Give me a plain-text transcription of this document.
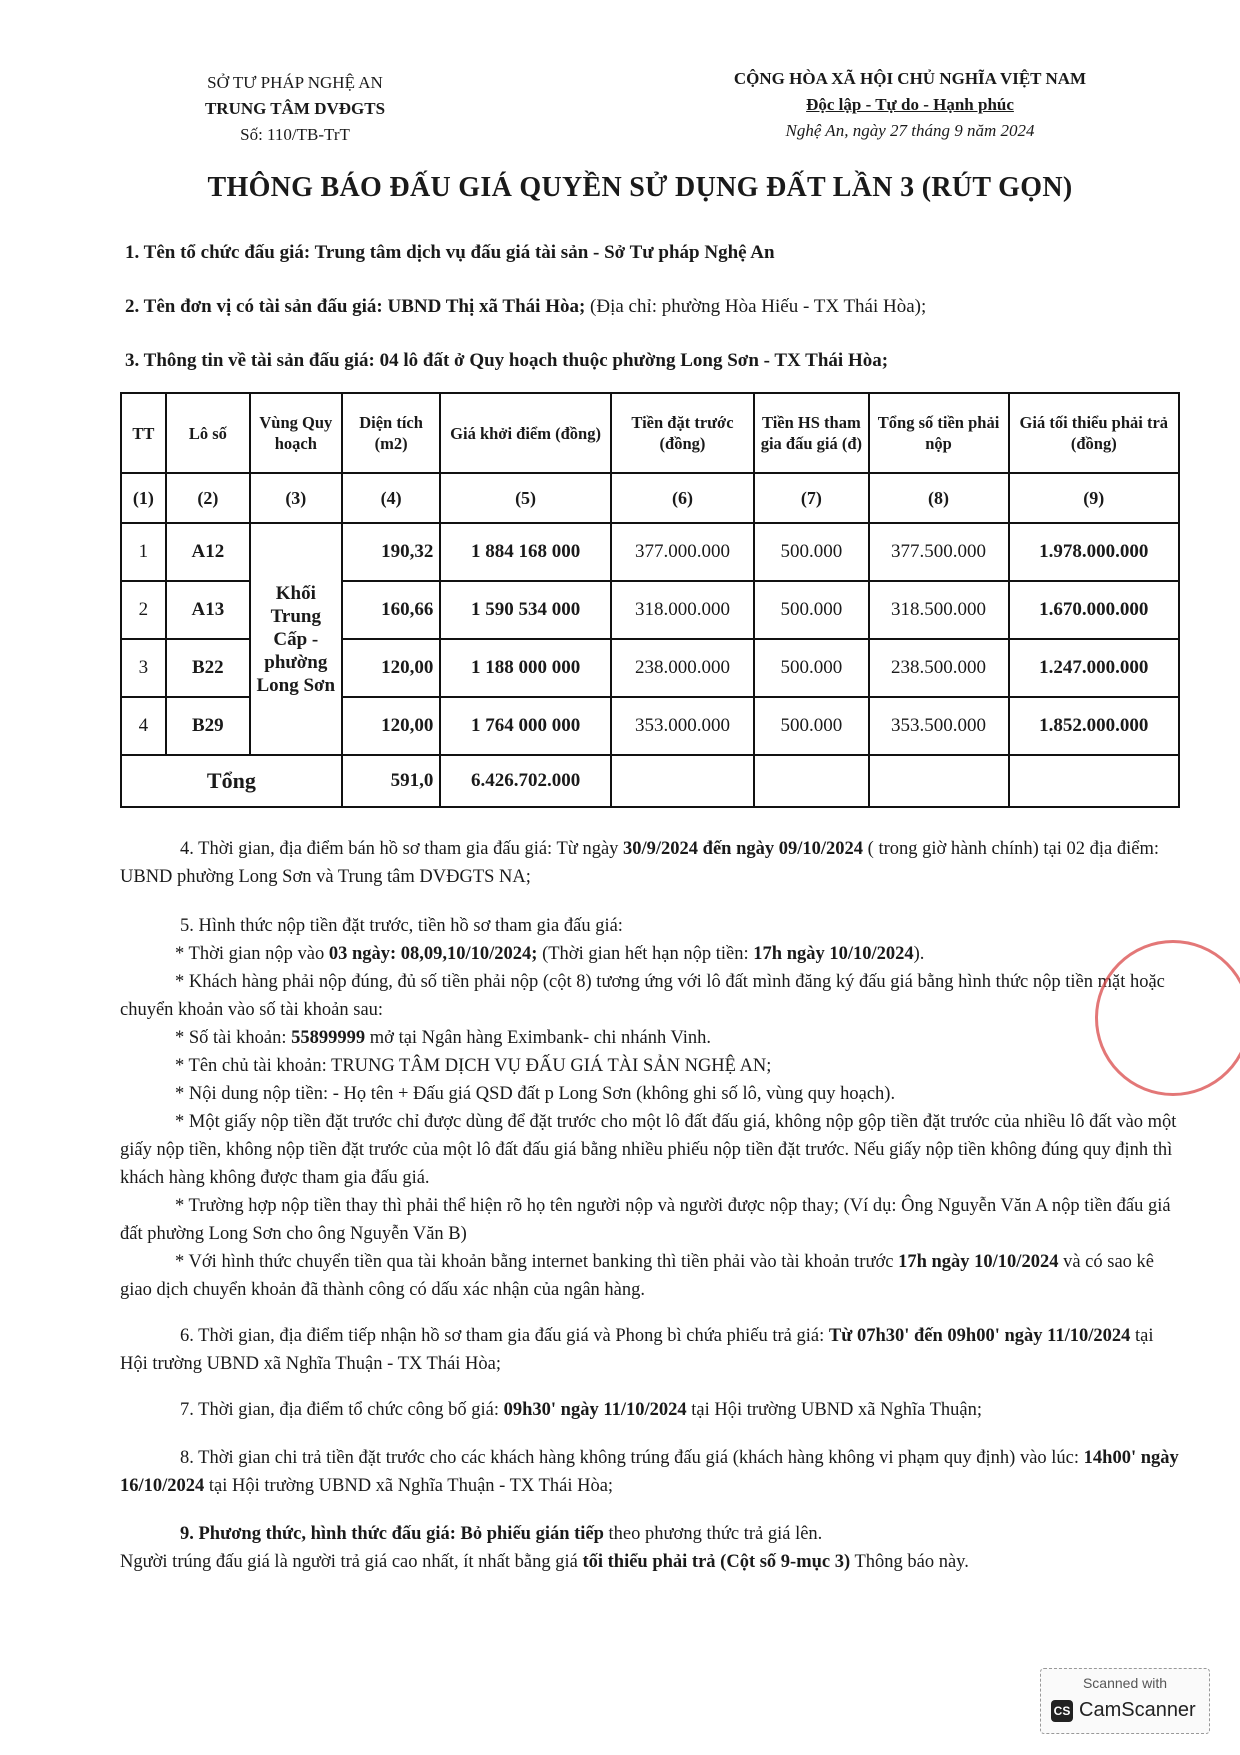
SỞ TƯ PHÁP NGHỆ AN
TRUNG TÂM DVĐGTS
Số: 110/TB-TrT
CỘNG HÒA XÃ HỘI CHỦ NGHĨA VIỆT NAM
Độc lập - Tự do - Hạnh phúc
Nghệ An, ngày 27 tháng 9 năm 2024
THÔNG BÁO ĐẤU GIÁ QUYỀN SỬ DỤNG ĐẤT LẦN 3 (RÚT GỌN)
1. Tên tổ chức đấu giá: Trung tâm dịch vụ đấu giá tài sản - Sở Tư pháp Nghệ An
2. Tên đơn vị có tài sản đấu giá: UBND Thị xã Thái Hòa; (Địa chỉ: phường Hòa Hiếu - TX Thái Hòa);
3. Thông tin về tài sản đấu giá: 04 lô đất ở Quy hoạch thuộc phường Long Sơn - TX Thái Hòa;
TT	Lô số	Vùng Quy hoạch	Diện tích (m2)	Giá khởi điểm (đồng)	Tiền đặt trước (đồng)	Tiền HS tham gia đấu giá (đ)	Tổng số tiền phải nộp	Giá tối thiểu phải trả (đồng)
(1)	(2)	(3)	(4)	(5)	(6)	(7)	(8)	(9)
1	A12	Khối Trung Cấp - phường Long Sơn	190,32	1 884 168 000	377.000.000	500.000	377.500.000	1.978.000.000
2	A13		160,66	1 590 534 000	318.000.000	500.000	318.500.000	1.670.000.000
3	B22		120,00	1 188 000 000	238.000.000	500.000	238.500.000	1.247.000.000
4	B29		120,00	1 764 000 000	353.000.000	500.000	353.500.000	1.852.000.000
Tổng			591,0	6.426.702.000				

4. Thời gian, địa điểm bán hồ sơ tham gia đấu giá: Từ ngày 30/9/2024 đến ngày 09/10/2024 ( trong giờ hành chính) tại 02 địa điểm: UBND phường Long Sơn và Trung tâm DVĐGTS NA;

5. Hình thức nộp tiền đặt trước, tiền hồ sơ tham gia đấu giá:

* Thời gian nộp vào 03 ngày: 08,09,10/10/2024; (Thời gian hết hạn nộp tiền: 17h ngày 10/10/2024).

* Khách hàng phải nộp đúng, đủ số tiền phải nộp (cột 8) tương ứng với lô đất mình đăng ký đấu giá bằng hình thức nộp tiền mặt hoặc chuyển khoản vào số tài khoản sau:

* Số tài khoản: 55899999 mở tại Ngân hàng Eximbank- chi nhánh Vinh.

* Tên chủ tài khoản: TRUNG TÂM DỊCH VỤ ĐẤU GIÁ TÀI SẢN NGHỆ AN;

* Nội dung nộp tiền: - Họ tên + Đấu giá QSD đất p Long Sơn (không ghi số lô, vùng quy hoạch).

* Một giấy nộp tiền đặt trước chỉ được dùng để đặt trước cho một lô đất đấu giá, không nộp gộp tiền đặt trước của nhiều lô đất vào một giấy nộp tiền, không nộp tiền đặt trước của một lô đất đấu giá bằng nhiều phiếu nộp tiền đặt trước. Nếu giấy nộp tiền không đúng quy định thì khách hàng không được tham gia đấu giá.

* Trường hợp nộp tiền thay thì phải thể hiện rõ họ tên người nộp và người được nộp thay; (Ví dụ: Ông Nguyễn Văn A nộp tiền đấu giá đất phường Long Sơn cho ông Nguyễn Văn B)

* Với hình thức chuyển tiền qua tài khoản bằng internet banking thì tiền phải vào tài khoản trước 17h ngày 10/10/2024 và có sao kê giao dịch chuyển khoản đã thành công có dấu xác nhận của ngân hàng.

6. Thời gian, địa điểm tiếp nhận hồ sơ tham gia đấu giá và Phong bì chứa phiếu trả giá: Từ 07h30' đến 09h00' ngày 11/10/2024 tại Hội trường UBND xã Nghĩa Thuận - TX Thái Hòa;

7. Thời gian, địa điểm tổ chức công bố giá: 09h30' ngày 11/10/2024 tại Hội trường UBND xã Nghĩa Thuận;

8. Thời gian chi trả tiền đặt trước cho các khách hàng không trúng đấu giá (khách hàng không vi phạm quy định) vào lúc: 14h00' ngày 16/10/2024 tại Hội trường UBND xã Nghĩa Thuận - TX Thái Hòa;

9. Phương thức, hình thức đấu giá: Bỏ phiếu gián tiếp theo phương thức trả giá lên.

Người trúng đấu giá là người trả giá cao nhất, ít nhất bằng giá tối thiểu phải trả (Cột số 9-mục 3) Thông báo này.

Scanned with
CS CamScanner
